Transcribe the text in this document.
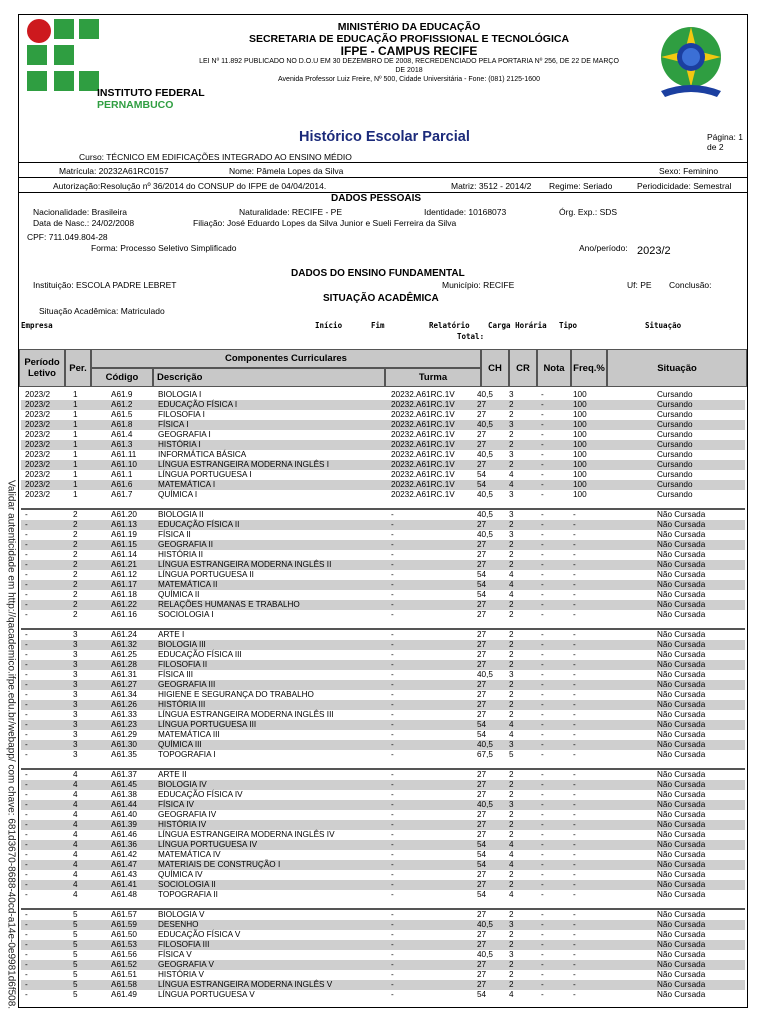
Validar autenticidade em http://qacademico.ifpe.edu.br/webapp/ com chave: 681d3670-8688-40cd-a14e-0e9981d6f508.
INSTITUTO FEDERAL
PERNAMBUCO
MINISTÉRIO DA EDUCAÇÃO
SECRETARIA DE EDUCAÇÃO PROFISSIONAL E TECNOLÓGICA
IFPE - CAMPUS RECIFE
LEI Nº 11.892 PUBLICADO NO D.O.U EM 30 DEZEMBRO DE 2008, RECREDENCIADO PELA PORTARIA Nº 256, DE 22 DE MARÇO DE 2018
Avenida Professor Luiz Freire, Nº 500, Cidade Universitária - Fone: (081) 2125-1600
Histórico Escolar Parcial	Página: 1 de 2
Curso: TÉCNICO EM EDIFICAÇÕES INTEGRADO AO ENSINO MÉDIO
Matrícula: 20232A61RC0157	Nome: Pâmela Lopes da Silva	Sexo: Feminino
Autorização:Resolução nº 36/2014 do CONSUP do IFPE de 04/04/2014.	Matriz: 3512 - 2014/2 Regime: Seriado	Periodicidade: Semestral
DADOS PESSOAIS
Nacionalidade: Brasileira	Naturalidade: RECIFE - PE	Identidade: 10168073	Órg. Exp.: SDS
Data de Nasc.: 24/02/2008	Filiação: José Eduardo Lopes da Silva Junior e Sueli Ferreira da Silva
CPF: 711.049.804-28
Forma: Processo Seletivo Simplificado	Ano/período: 2023/2
DADOS DO ENSINO FUNDAMENTAL
Instituição: ESCOLA PADRE LEBRET	Município: RECIFE	Uf: PE Conclusão:
SITUAÇÃO ACADÊMICA
Situação Acadêmica: Matriculado
Empresa	Início	Fim	Relatório Carga Horária Tipo	Situação
Total:
Período Letivo	Per.
Componentes Curriculares
Código	Descrição	Turma
CH	CR	Nota Freq.%	Situação
2023/2	1	A61.9	BIOLOGIA I	20232.A61RC.1V	40,5 3	-	100	Cursando
2023/2	1	A61.2	EDUCAÇÃO FÍSICA I	20232.A61RC.1V	27	2	-	100	Cursando
2023/2	1	A61.5	FILOSOFIA I	20232.A61RC.1V	27	2	-	100	Cursando
2023/2	1	A61.8	FÍSICA I	20232.A61RC.1V	40,5 3	-	100	Cursando
2023/2	1	A61.4	GEOGRAFIA I	20232.A61RC.1V	27	2	-	100	Cursando
2023/2	1	A61.3	HISTÓRIA I	20232.A61RC.1V	27	2	-	100	Cursando
2023/2	1	A61.11	INFORMÁTICA BÁSICA	20232.A61RC.1V	40,5 3	-	100	Cursando
2023/2	1	A61.10	LÍNGUA ESTRANGEIRA MODERNA INGLÊS I	20232.A61RC.1V	27	2	-	100	Cursando
2023/2	1	A61.1	LÍNGUA PORTUGUESA I	20232.A61RC.1V	54	4	-	100	Cursando
2023/2	1	A61.6	MATEMÁTICA I	20232.A61RC.1V	54	4	-	100	Cursando
2023/2	1	A61.7	QUÍMICA I	20232.A61RC.1V	40,5 3	-	100	Cursando
-	2	A61.20	BIOLOGIA II	-	40,5 3	-	-	Não Cursada
-	2	A61.13	EDUCAÇÃO FÍSICA II	-	27	2	-	-	Não Cursada
-	2	A61.19	FÍSICA II	-	40,5 3	-	-	Não Cursada
-	2	A61.15	GEOGRAFIA II	-	27	2	-	-	Não Cursada
-	2	A61.14	HISTÓRIA II	-	27	2	-	-	Não Cursada
-	2	A61.21	LÍNGUA ESTRANGEIRA MODERNA INGLÊS II	-	27	2	-	-	Não Cursada
-	2	A61.12	LÍNGUA PORTUGUESA II	-	54	4	-	-	Não Cursada
-	2	A61.17	MATEMÁTICA II	-	54	4	-	-	Não Cursada
-	2	A61.18	QUÍMICA II	-	54	4	-	-	Não Cursada
-	2	A61.22	RELAÇÕES HUMANAS E TRABALHO	-	27	2	-	-	Não Cursada
-	2	A61.16	SOCIOLOGIA I	-	27	2	-	-	Não Cursada
-	3	A61.24	ARTE I	-	27	2	-	-	Não Cursada
-	3	A61.32	BIOLOGIA III	-	27	2	-	-	Não Cursada
-	3	A61.25	EDUCAÇÃO FÍSICA III	-	27	2	-	-	Não Cursada
-	3	A61.28	FILOSOFIA II	-	27	2	-	-	Não Cursada
-	3	A61.31	FÍSICA III	-	40,5 3	-	-	Não Cursada
-	3	A61.27	GEOGRAFIA III	-	27	2	-	-	Não Cursada
-	3	A61.34	HIGIENE E SEGURANÇA DO TRABALHO	-	27	2	-	-	Não Cursada
-	3	A61.26	HISTÓRIA III	-	27	2	-	-	Não Cursada
-	3	A61.33	LÍNGUA ESTRANGEIRA MODERNA INGLÊS III	-	27	2	-	-	Não Cursada
-	3	A61.23	LÍNGUA PORTUGUESA III	-	54	4	-	-	Não Cursada
-	3	A61.29	MATEMÁTICA III	-	54	4	-	-	Não Cursada
-	3	A61.30	QUÍMICA III	-	40,5 3	-	-	Não Cursada
-	3	A61.35	TOPOGRAFIA I	-	67,5 5	-	-	Não Cursada
-	4	A61.37	ARTE II	-	27	2	-	-	Não Cursada
-	4	A61.45	BIOLOGIA IV	-	27	2	-	-	Não Cursada
-	4	A61.38	EDUCAÇÃO FÍSICA IV	-	27	2	-	-	Não Cursada
-	4	A61.44	FÍSICA IV	-	40,5 3	-	-	Não Cursada
-	4	A61.40	GEOGRAFIA IV	-	27	2	-	-	Não Cursada
-	4	A61.39	HISTÓRIA IV	-	27	2	-	-	Não Cursada
-	4	A61.46	LÍNGUA ESTRANGEIRA MODERNA INGLÊS IV	-	27	2	-	-	Não Cursada
-	4	A61.36	LÍNGUA PORTUGUESA IV	-	54	4	-	-	Não Cursada
-	4	A61.42	MATEMÁTICA IV	-	54	4	-	-	Não Cursada
-	4	A61.47	MATERIAIS DE CONSTRUÇÃO I	-	54	4	-	-	Não Cursada
-	4	A61.43	QUÍMICA IV	-	27	2	-	-	Não Cursada
-	4	A61.41	SOCIOLOGIA II	-	27	2	-	-	Não Cursada
-	4	A61.48	TOPOGRAFIA II	-	54	4	-	-	Não Cursada
-	5	A61.57	BIOLOGIA V	-	27	2	-	-	Não Cursada
-	5	A61.59	DESENHO	-	40,5 3	-	-	Não Cursada
-	5	A61.50	EDUCAÇÃO FÍSICA V	-	27	2	-	-	Não Cursada
-	5	A61.53	FILOSOFIA III	-	27	2	-	-	Não Cursada
-	5	A61.56	FÍSICA V	-	40,5 3	-	-	Não Cursada
-	5	A61.52	GEOGRAFIA V	-	27	2	-	-	Não Cursada
-	5	A61.51	HISTÓRIA V	-	27	2	-	-	Não Cursada
-	5	A61.58	LÍNGUA ESTRANGEIRA MODERNA INGLÊS V	-	27	2	-	-	Não Cursada
-	5	A61.49	LÍNGUA PORTUGUESA V	-	54	4	-	-	Não Cursada
